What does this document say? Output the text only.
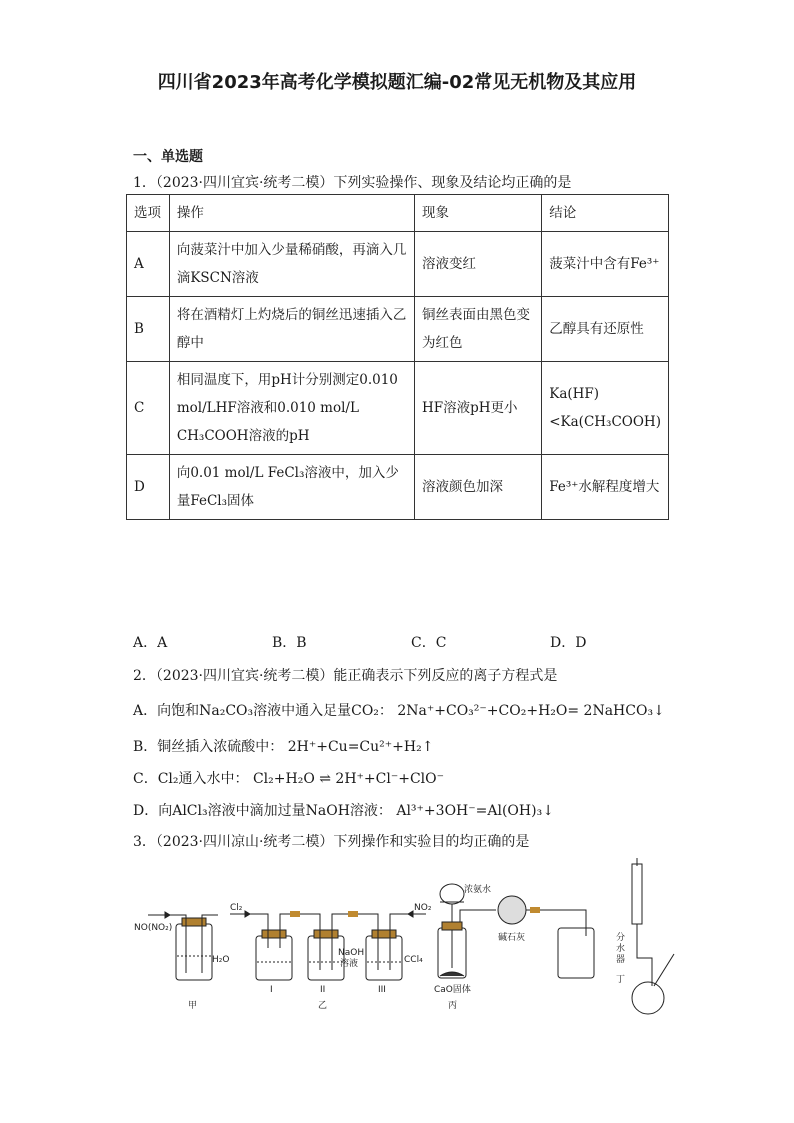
四川省2023年高考化学模拟题汇编-02常见无机物及其应用
一、单选题
1．（2023·四川宜宾·统考二模）下列实验操作、现象及结论均正确的是
选项	操作	现象	结论
A	向菠菜汁中加入少量稀硝酸，再滴入几滴KSCN溶液	溶液变红	菠菜汁中含有Fe³⁺
B	将在酒精灯上灼烧后的铜丝迅速插入乙醇中	铜丝表面由黑色变为红色	乙醇具有还原性
C	相同温度下，用pH计分别测定0.010 mol/LHF溶液和0.010 mol/L CH₃COOH溶液的pH	HF溶液pH更小	Ka(HF)<Ka(CH₃COOH)
D	向0.01 mol/L FeCl₃溶液中，加入少量FeCl₃固体	溶液颜色加深	Fe³⁺水解程度增大
A．A	B．B	C．C	D．D
2．（2023·四川宜宾·统考二模）能正确表示下列反应的离子方程式是
A．向饱和Na₂CO₃溶液中通入足量CO₂： 2Na⁺+CO₃²⁻+CO₂+H₂O= 2NaHCO₃↓
B．铜丝插入浓硫酸中： 2H⁺+Cu=Cu²⁺+H₂↑
C．Cl₂通入水中： Cl₂+H₂O ⇌ 2H⁺+Cl⁻+ClO⁻
D．向AlCl₃溶液中滴加过量NaOH溶液： Al³⁺+3OH⁻=Al(OH)₃↓
3．（2023·四川凉山·统考二模）下列操作和实验目的均正确的是
NO(NO₂)
H₂O
甲
Cl₂	NO₂
NaOH
溶液	CCl₄
I	II	III
乙
浓氨水
碱石灰
CaO固体
丙
分
水
器
丁
